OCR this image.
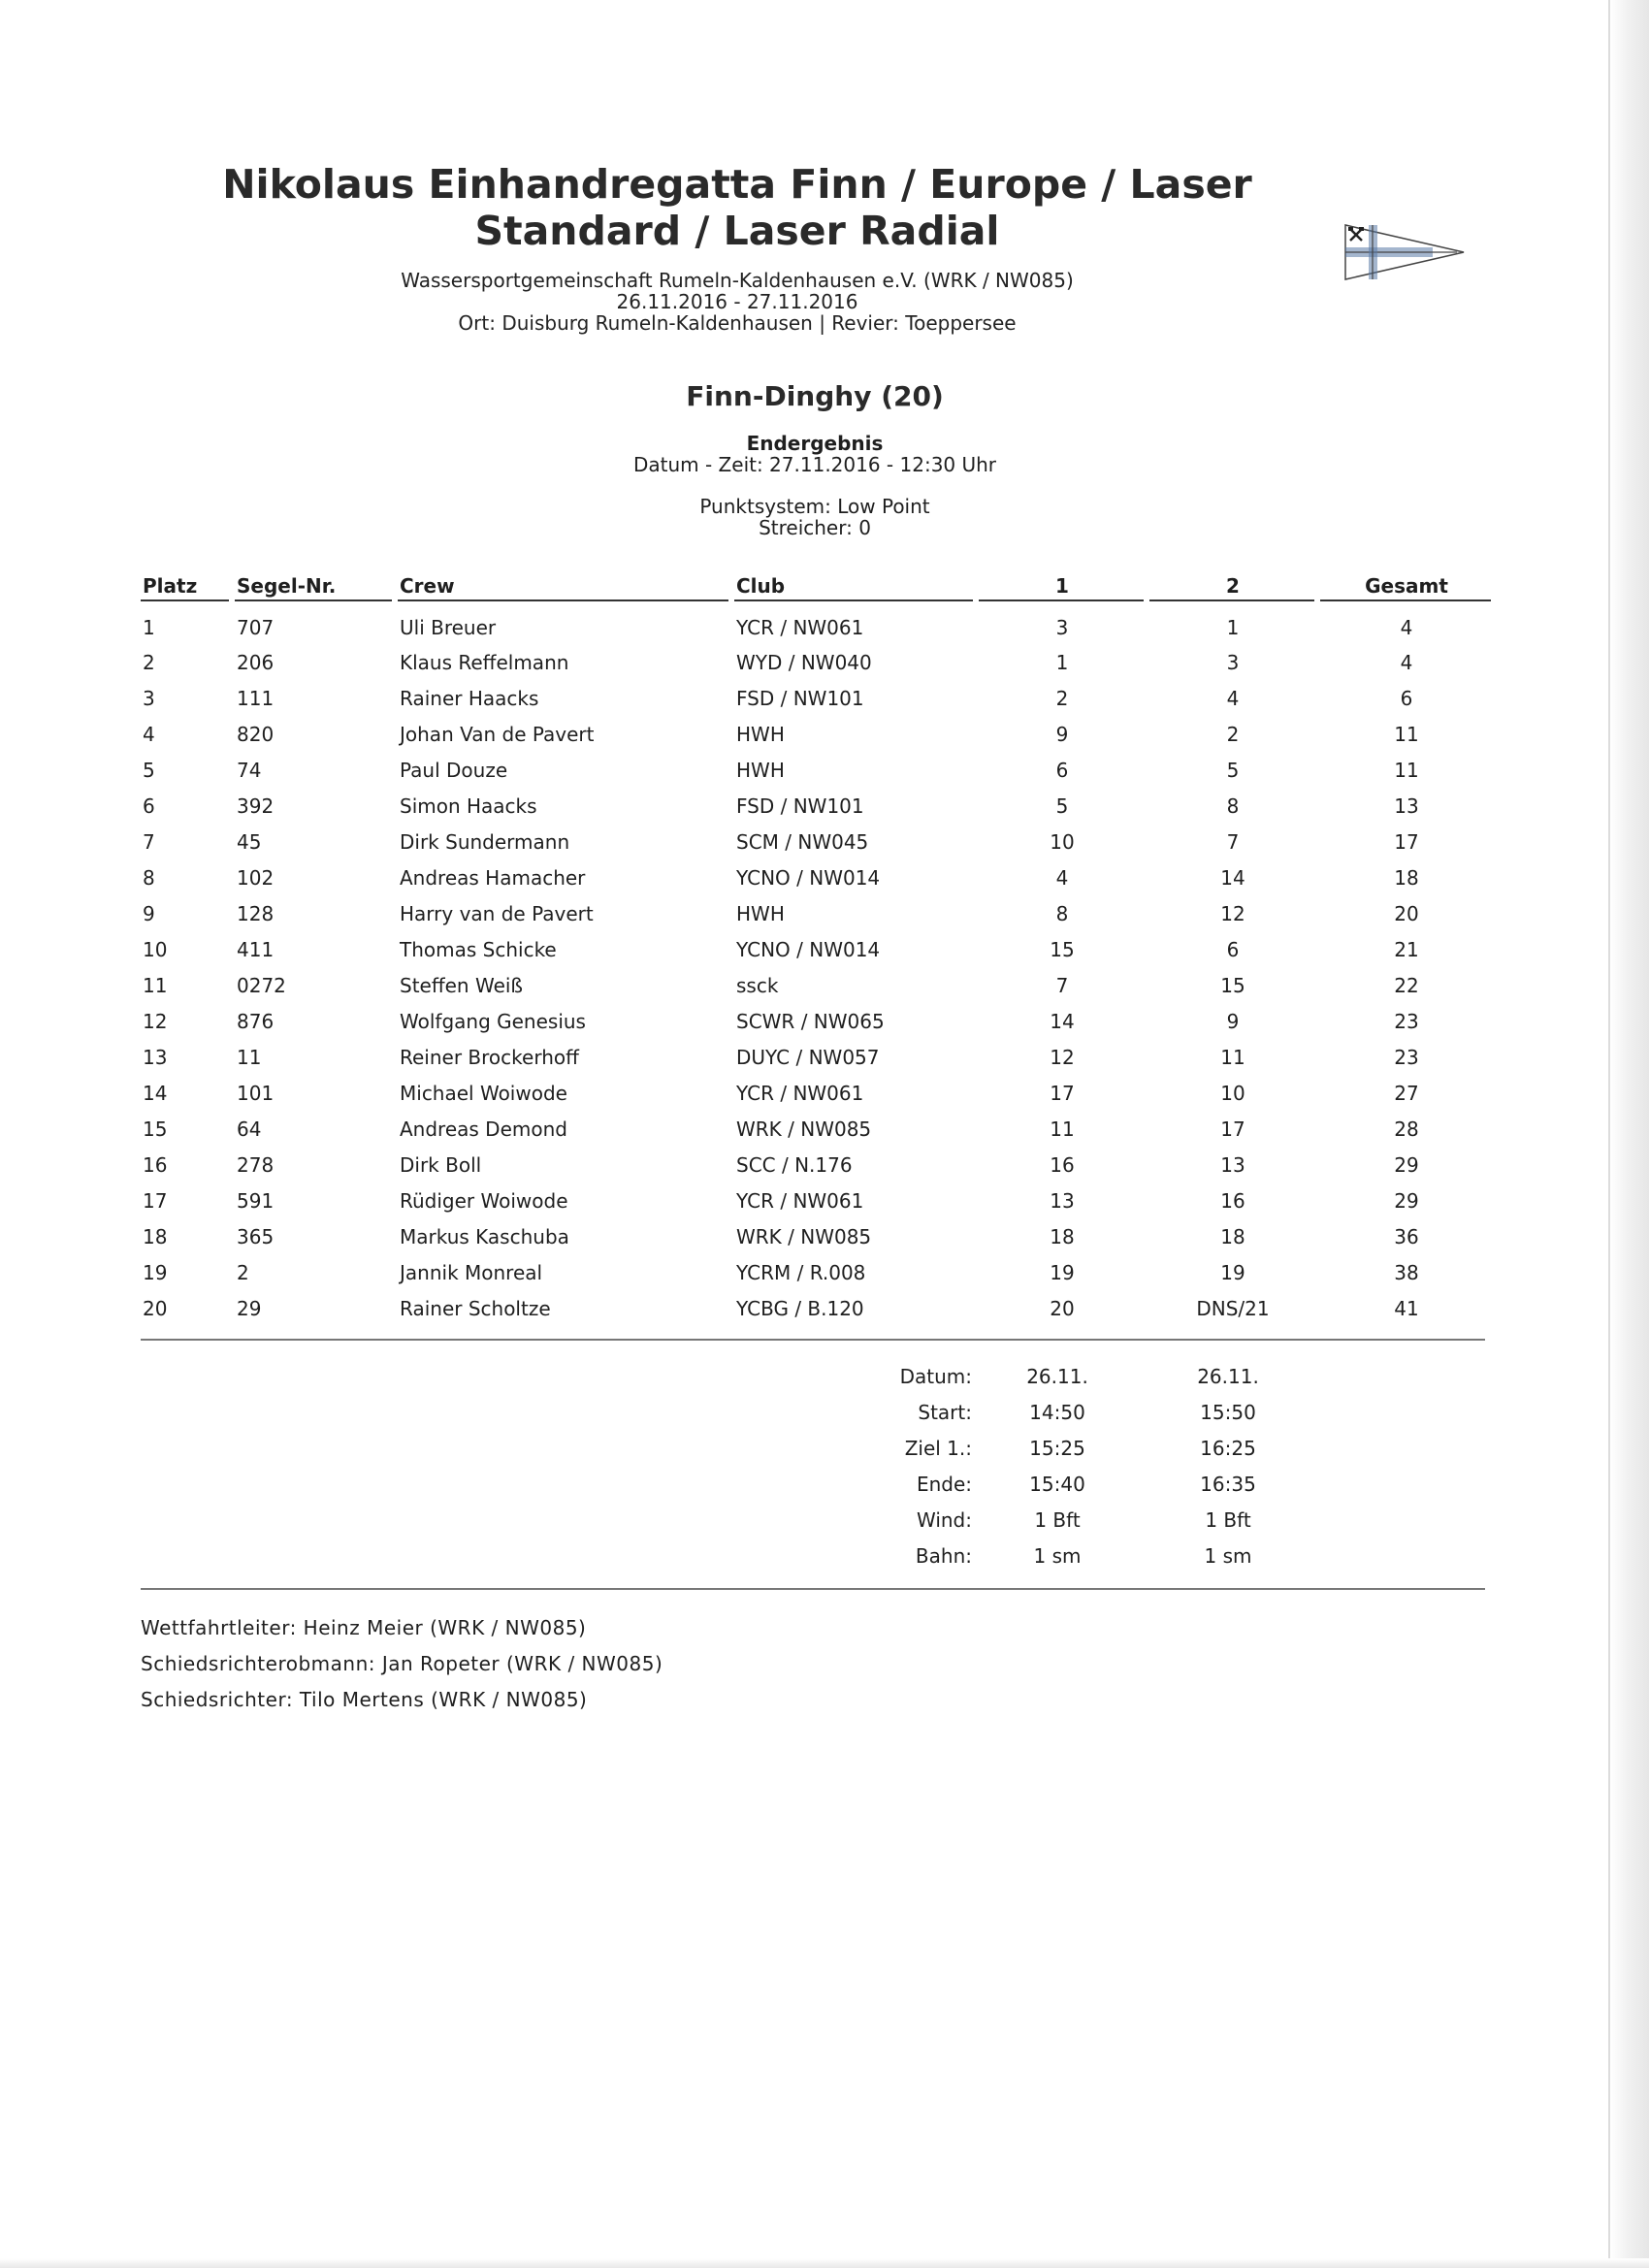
Nikolaus Einhandregatta Finn / Europe / Laser
Standard / Laser Radial
Wassersportgemeinschaft Rumeln-Kaldenhausen e.V. (WRK / NW085)
26.11.2016 - 27.11.2016
Ort: Duisburg Rumeln-Kaldenhausen | Revier: Toeppersee
Finn-Dinghy (20)
Endergebnis
Datum - Zeit: 27.11.2016 - 12:30 Uhr
Punktsystem: Low Point
Streicher: 0
Platz		Segel-Nr.		Crew		Club		1		2		Gesamt
1		707		Uli Breuer		YCR / NW061		3		1		4
2		206		Klaus Reffelmann		WYD / NW040		1		3		4
3		111		Rainer Haacks		FSD / NW101		2		4		6
4		820		Johan Van de Pavert		HWH		9		2		11
5		74		Paul Douze		HWH		6		5		11
6		392		Simon Haacks		FSD / NW101		5		8		13
7		45		Dirk Sundermann		SCM / NW045		10		7		17
8		102		Andreas Hamacher		YCNO / NW014		4		14		18
9		128		Harry van de Pavert		HWH		8		12		20
10		411		Thomas Schicke		YCNO / NW014		15		6		21
11		0272		Steffen Weiß		ssck		7		15		22
12		876		Wolfgang Genesius		SCWR / NW065		14		9		23
13		11		Reiner Brockerhoff		DUYC / NW057		12		11		23
14		101		Michael Woiwode		YCR / NW061		17		10		27
15		64		Andreas Demond		WRK / NW085		11		17		28
16		278		Dirk Boll		SCC / N.176		16		13		29
17		591		Rüdiger Woiwode		YCR / NW061		13		16		29
18		365		Markus Kaschuba		WRK / NW085		18		18		36
19		2		Jannik Monreal		YCRM / R.008		19		19		38
20		29		Rainer Scholtze		YCBG / B.120		20		DNS/21		41
Datum:	26.11.	26.11.
Start:	14:50	15:50
Ziel 1.:	15:25	16:25
Ende:	15:40	16:35
Wind:	1 Bft	1 Bft
Bahn:	1 sm	1 sm
Wettfahrtleiter: Heinz Meier (WRK / NW085)
Schiedsrichterobmann: Jan Ropeter (WRK / NW085)
Schiedsrichter: Tilo Mertens (WRK / NW085)
